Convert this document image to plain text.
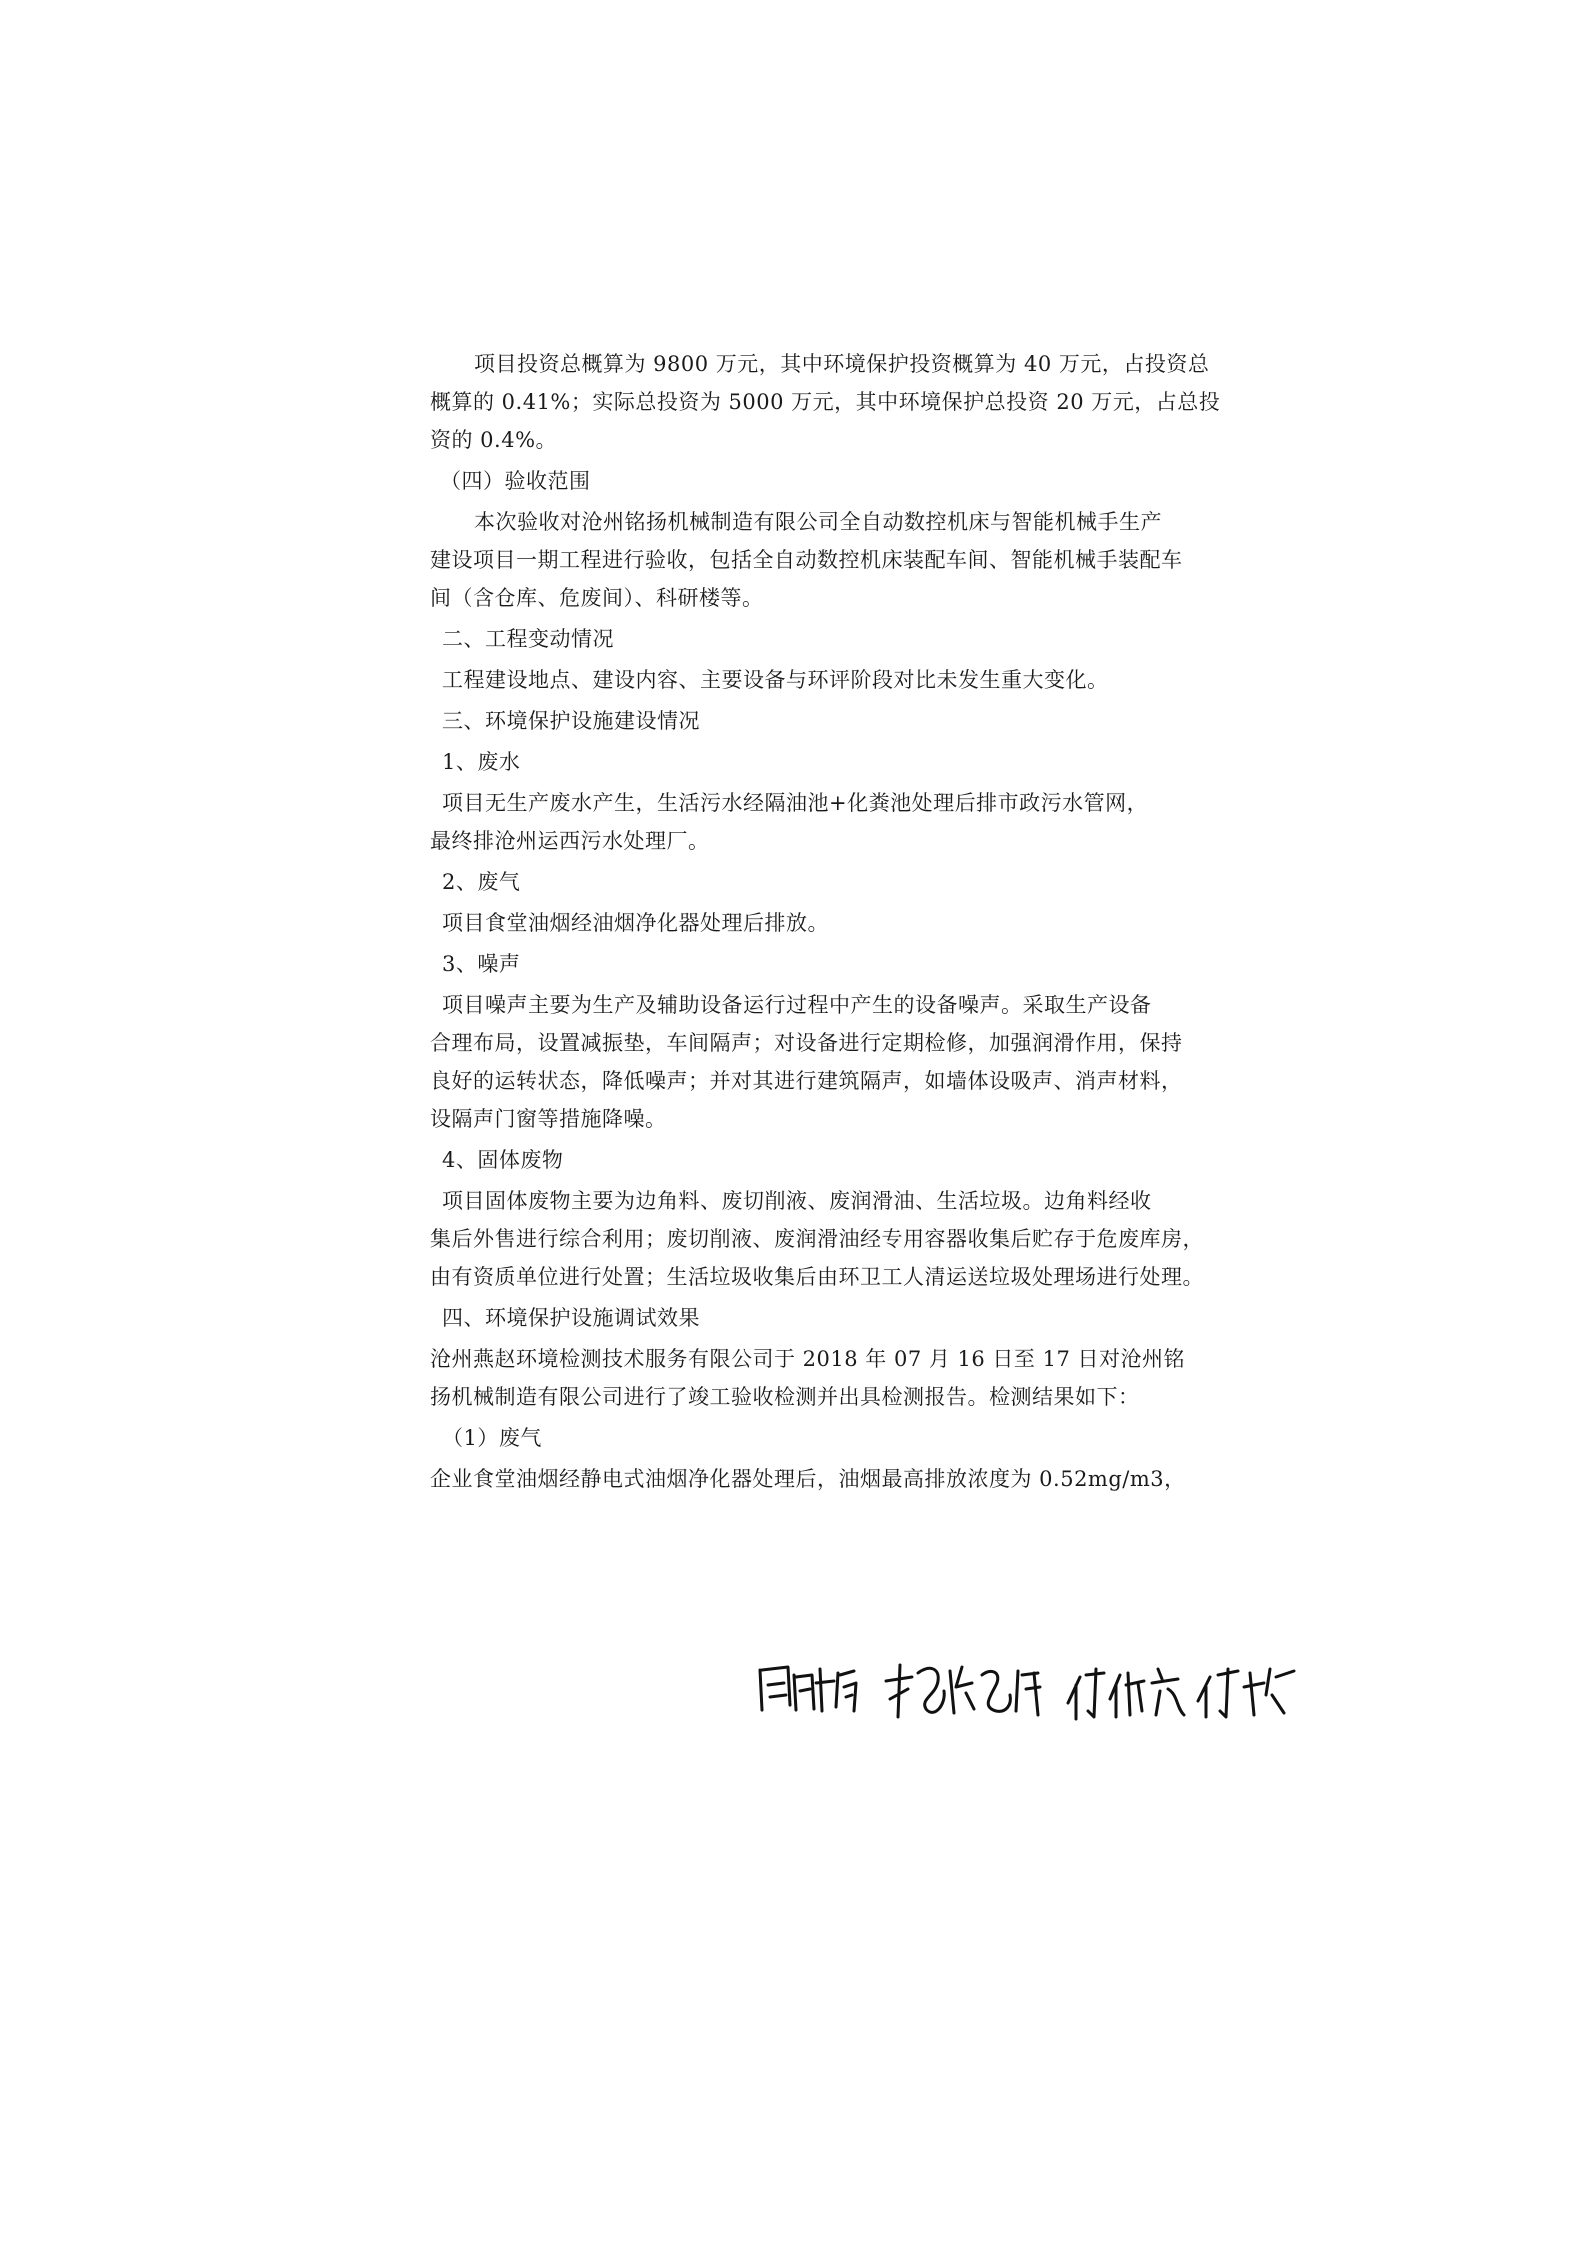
项目投资总概算为 9800 万元，其中环境保护投资概算为 40 万元，占投资总

概算的 0.41%；实际总投资为 5000 万元，其中环境保护总投资 20 万元，占总投

资的 0.4%。

（四）验收范围

本次验收对沧州铭扬机械制造有限公司全自动数控机床与智能机械手生产

建设项目一期工程进行验收，包括全自动数控机床装配车间、智能机械手装配车

间（含仓库、危废间）、科研楼等。

二、工程变动情况

工程建设地点、建设内容、主要设备与环评阶段对比未发生重大变化。

三、环境保护设施建设情况

1、废水

项目无生产废水产生，生活污水经隔油池+化粪池处理后排市政污水管网，

最终排沧州运西污水处理厂。

2、废气

项目食堂油烟经油烟净化器处理后排放。

3、噪声

项目噪声主要为生产及辅助设备运行过程中产生的设备噪声。采取生产设备

合理布局，设置减振垫，车间隔声；对设备进行定期检修，加强润滑作用，保持

良好的运转状态，降低噪声；并对其进行建筑隔声，如墙体设吸声、消声材料，

设隔声门窗等措施降噪。

4、固体废物

项目固体废物主要为边角料、废切削液、废润滑油、生活垃圾。边角料经收

集后外售进行综合利用；废切削液、废润滑油经专用容器收集后贮存于危废库房，

由有资质单位进行处置；生活垃圾收集后由环卫工人清运送垃圾处理场进行处理。

四、环境保护设施调试效果

沧州燕赵环境检测技术服务有限公司于 2018 年 07 月 16 日至 17 日对沧州铭

扬机械制造有限公司进行了竣工验收检测并出具检测报告。检测结果如下：

（1）废气

企业食堂油烟经静电式油烟净化器处理后，油烟最高排放浓度为 0.52mg/m3，
